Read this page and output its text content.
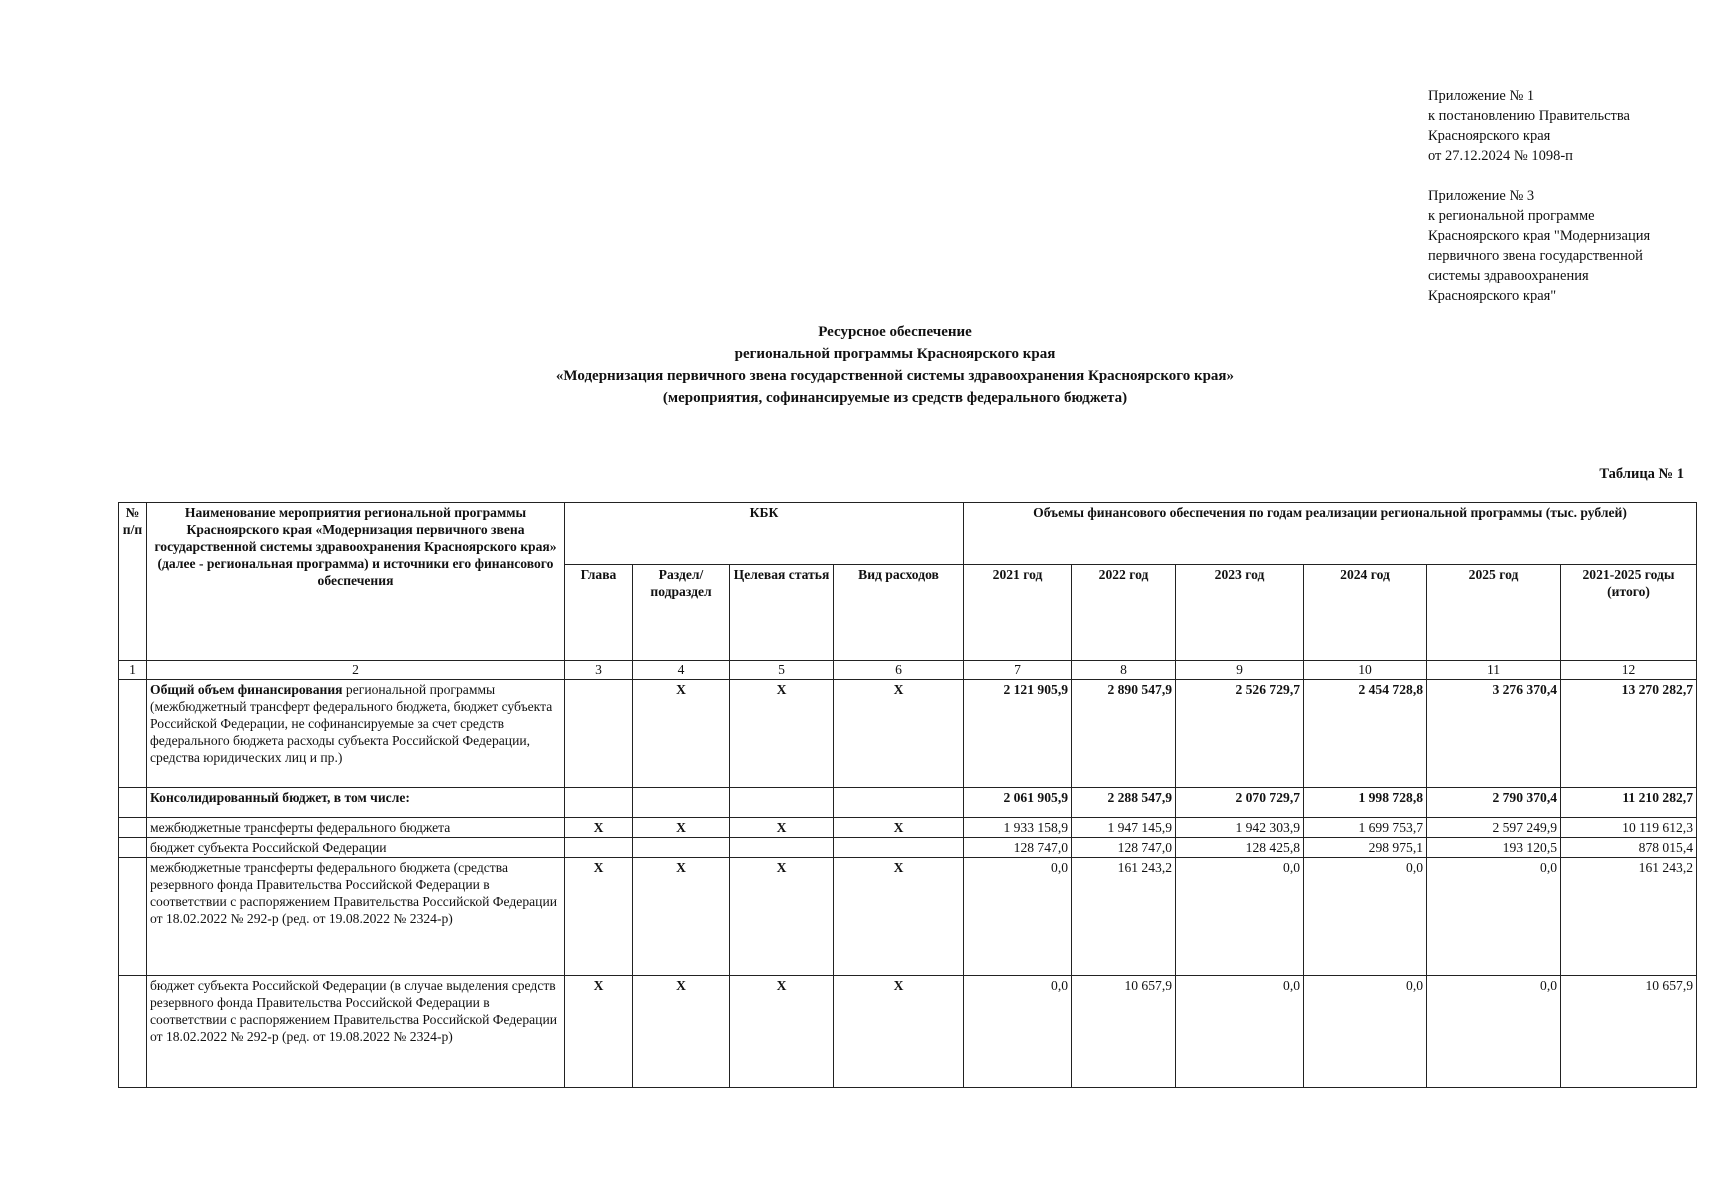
Приложение № 1
к постановлению Правительства
Красноярского края
от 27.12.2024 № 1098-п
Приложение № 3
к региональной программе
Красноярского края "Модернизация
первичного звена государственной
системы здравоохранения
Красноярского края"
Ресурсное обеспечение
региональной программы Красноярского края
«Модернизация первичного звена государственной системы здравоохранения Красноярского края»
(мероприятия, софинансируемые из средств федерального бюджета)
Таблица № 1
№ п/п	Наименование мероприятия региональной программы Красноярского края «Модернизация первичного звена государственной системы здравоохранения Красноярского края» (далее - региональная программа) и источники его финансового обеспечения	КБК				Объемы финансового обеспечения по годам реализации региональной программы (тыс. рублей)					
		Глава	Раздел/ подраздел	Целевая статья	Вид расходов	2021 год	2022 год	2023 год	2024 год	2025 год	2021-2025 годы (итого)
1	2	3	4	5	6	7	8	9	10	11	12
	Общий объем финансирования региональной программы (межбюджетный трансферт федерального бюджета, бюджет субъекта Российской Федерации, не софинансируемые за счет средств федерального бюджета расходы субъекта Российской Федерации, средства юридических лиц и пр.)		X	X	X	2 121 905,9	2 890 547,9	2 526 729,7	2 454 728,8	3 276 370,4	13 270 282,7
	Консолидированный бюджет, в том числе:					2 061 905,9	2 288 547,9	2 070 729,7	1 998 728,8	2 790 370,4	11 210 282,7
	межбюджетные трансферты федерального бюджета	X	X	X	X	1 933 158,9	1 947 145,9	1 942 303,9	1 699 753,7	2 597 249,9	10 119 612,3
	бюджет субъекта Российской Федерации					128 747,0	128 747,0	128 425,8	298 975,1	193 120,5	878 015,4
	межбюджетные трансферты федерального бюджета (средства резервного фонда Правительства Российской Федерации в соответствии с распоряжением Правительства Российской Федерации от 18.02.2022 № 292-р (ред. от 19.08.2022 № 2324-р)	X	X	X	X	0,0	161 243,2	0,0	0,0	0,0	161 243,2
	бюджет субъекта Российской Федерации (в случае выделения средств резервного фонда Правительства Российской Федерации в соответствии с распоряжением Правительства Российской Федерации от 18.02.2022 № 292-р (ред. от 19.08.2022 № 2324-р)	X	X	X	X	0,0	10 657,9	0,0	0,0	0,0	10 657,9
